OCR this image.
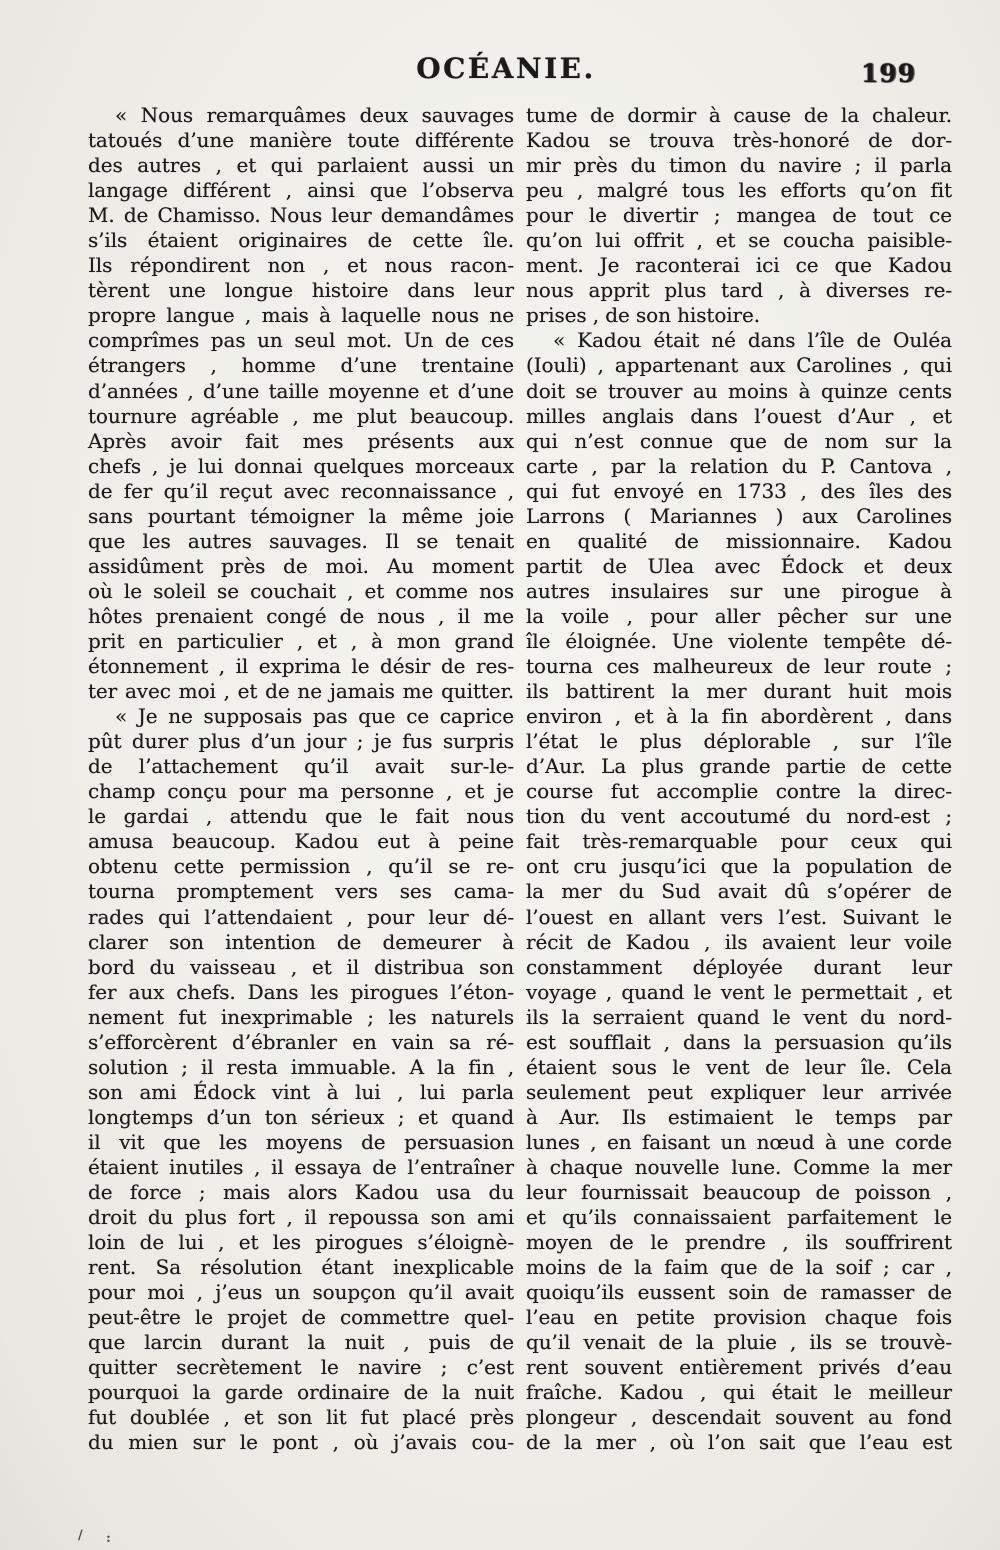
OCÉANIE.	199
« Nous remarquâmes deux sauvages
tatoués d’une manière toute différente
des autres , et qui parlaient aussi un
langage différent , ainsi que l’observa
M. de Chamisso. Nous leur demandâmes
s’ils étaient originaires de cette île.
Ils répondirent non , et nous racon-
tèrent une longue histoire dans leur
propre langue , mais à laquelle nous ne
comprîmes pas un seul mot. Un de ces
étrangers , homme d’une trentaine
d’années , d’une taille moyenne et d’une
tournure agréable , me plut beaucoup.
Après avoir fait mes présents aux
chefs , je lui donnai quelques morceaux
de fer qu’il reçut avec reconnaissance ,
sans pourtant témoigner la même joie
que les autres sauvages. Il se tenait
assidûment près de moi. Au moment
où le soleil se couchait , et comme nos
hôtes prenaient congé de nous , il me
prit en particulier , et , à mon grand
étonnement , il exprima le désir de res-
ter avec moi , et de ne jamais me quitter.
« Je ne supposais pas que ce caprice
pût durer plus d’un jour ; je fus surpris
de l’attachement qu’il avait sur-le-
champ conçu pour ma personne , et je
le gardai , attendu que le fait nous
amusa beaucoup. Kadou eut à peine
obtenu cette permission , qu’il se re-
tourna promptement vers ses cama-
rades qui l’attendaient , pour leur dé-
clarer son intention de demeurer à
bord du vaisseau , et il distribua son
fer aux chefs. Dans les pirogues l’éton-
nement fut inexprimable ; les naturels
s’efforcèrent d’ébranler en vain sa ré-
solution ; il resta immuable. A la fin ,
son ami Édock vint à lui , lui parla
longtemps d’un ton sérieux ; et quand
il vit que les moyens de persuasion
étaient inutiles , il essaya de l’entraîner
de force ; mais alors Kadou usa du
droit du plus fort , il repoussa son ami
loin de lui , et les pirogues s’éloignè-
rent. Sa résolution étant inexplicable
pour moi , j’eus un soupçon qu’il avait
peut-être le projet de commettre quel-
que larcin durant la nuit , puis de
quitter secrètement le navire ; c’est
pourquoi la garde ordinaire de la nuit
fut doublée , et son lit fut placé près
du mien sur le pont , où j’avais cou-
tume de dormir à cause de la chaleur.
Kadou se trouva très-honoré de dor-
mir près du timon du navire ; il parla
peu , malgré tous les efforts qu’on fit
pour le divertir ; mangea de tout ce
qu’on lui offrit , et se coucha paisible-
ment. Je raconterai ici ce que Kadou
nous apprit plus tard , à diverses re-
prises , de son histoire.
« Kadou était né dans l’île de Ouléa
(Iouli) , appartenant aux Carolines , qui
doit se trouver au moins à quinze cents
milles anglais dans l’ouest d’Aur , et
qui n’est connue que de nom sur la
carte , par la relation du P. Cantova ,
qui fut envoyé en 1733 , des îles des
Larrons ( Mariannes ) aux Carolines
en qualité de missionnaire. Kadou
partit de Ulea avec Édock et deux
autres insulaires sur une pirogue à
la voile , pour aller pêcher sur une
île éloignée. Une violente tempête dé-
tourna ces malheureux de leur route ;
ils battirent la mer durant huit mois
environ , et à la fin abordèrent , dans
l’état le plus déplorable , sur l’île
d’Aur. La plus grande partie de cette
course fut accomplie contre la direc-
tion du vent accoutumé du nord-est ;
fait très-remarquable pour ceux qui
ont cru jusqu’ici que la population de
la mer du Sud avait dû s’opérer de
l’ouest en allant vers l’est. Suivant le
récit de Kadou , ils avaient leur voile
constamment déployée durant leur
voyage , quand le vent le permettait , et
ils la serraient quand le vent du nord-
est soufflait , dans la persuasion qu’ils
étaient sous le vent de leur île. Cela
seulement peut expliquer leur arrivée
à Aur. Ils estimaient le temps par
lunes , en faisant un nœud à une corde
à chaque nouvelle lune. Comme la mer
leur fournissait beaucoup de poisson ,
et qu’ils connaissaient parfaitement le
moyen de le prendre , ils souffrirent
moins de la faim que de la soif ; car ,
quoiqu’ils eussent soin de ramasser de
l’eau en petite provision chaque fois
qu’il venait de la pluie , ils se trouvè-
rent souvent entièrement privés d’eau
fraîche. Kadou , qui était le meilleur
plongeur , descendait souvent au fond
de la mer , où l’on sait que l’eau est
/ :
